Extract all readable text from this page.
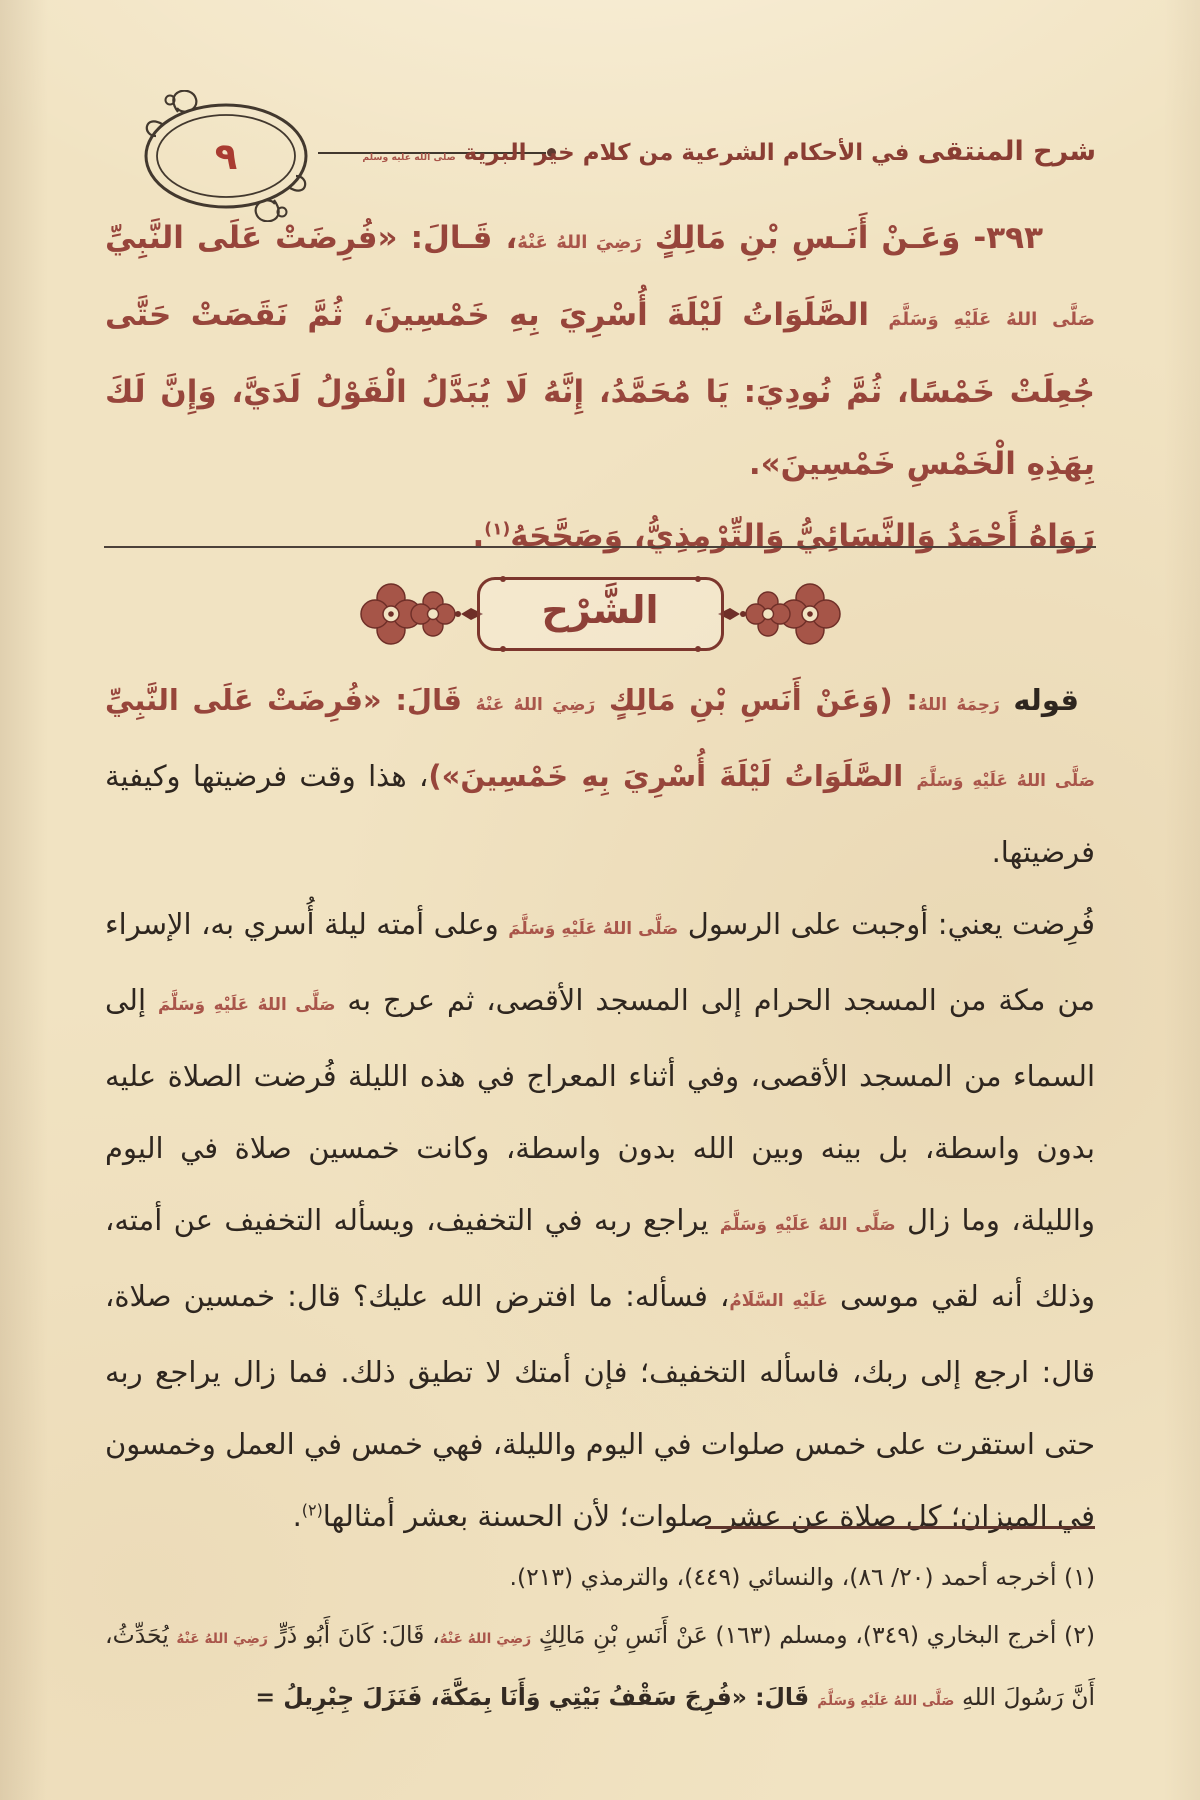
٩	شرح المنتقى في الأحكام الشرعية من كلام خير البرية صلى الله عليه وسلم

٣٩٣- وَعَـنْ أَنَـسِ بْنِ مَالِكٍ رَضِيَ اللهُ عَنْهُ، قَـالَ: «فُرِضَتْ عَلَى النَّبِيِّ صَلَّى اللهُ عَلَيْهِ وَسَلَّمَ الصَّلَوَاتُ لَيْلَةَ أُسْرِيَ بِهِ خَمْسِينَ، ثُمَّ نَقَصَتْ حَتَّى جُعِلَتْ خَمْسًا، ثُمَّ نُودِيَ: يَا مُحَمَّدُ، إِنَّهُ لَا يُبَدَّلُ الْقَوْلُ لَدَيَّ، وَإِنَّ لَكَ بِهَذِهِ الْخَمْسِ خَمْسِينَ».

رَوَاهُ أَحْمَدُ وَالنَّسَائِيُّ وَالتِّرْمِذِيُّ، وَصَحَّحَهُ$^{(١)}$.

الشَّرْح

قوله رَحِمَهُ اللهُ: (وَعَنْ أَنَسِ بْنِ مَالِكٍ رَضِيَ اللهُ عَنْهُ قَالَ: «فُرِضَتْ عَلَى النَّبِيِّ صَلَّى اللهُ عَلَيْهِ وَسَلَّمَ الصَّلَوَاتُ لَيْلَةَ أُسْرِيَ بِهِ خَمْسِينَ»)، هذا وقت فرضيتها وكيفية فرضيتها.

فُرِضت يعني: أوجبت على الرسول صَلَّى اللهُ عَلَيْهِ وَسَلَّمَ وعلى أمته ليلة أُسري به، الإسراء من مكة من المسجد الحرام إلى المسجد الأقصى، ثم عرج به صَلَّى اللهُ عَلَيْهِ وَسَلَّمَ إلى السماء من المسجد الأقصى، وفي أثناء المعراج في هذه الليلة فُرضت الصلاة عليه بدون واسطة، بل بينه وبين الله بدون واسطة، وكانت خمسين صلاة في اليوم والليلة، وما زال صَلَّى اللهُ عَلَيْهِ وَسَلَّمَ يراجع ربه في التخفيف، ويسأله التخفيف عن أمته، وذلك أنه لقي موسى عَلَيْهِ السَّلَامُ، فسأله: ما افترض الله عليك؟ قال: خمسين صلاة، قال: ارجع إلى ربك، فاسأله التخفيف؛ فإن أمتك لا تطيق ذلك. فما زال يراجع ربه حتى استقرت على خمس صلوات في اليوم والليلة، فهي خمس في العمل وخمسون في الميزان؛ كل صلاة عن عشر صلوات؛ لأن الحسنة بعشر أمثالها$^{(٢)}$.

(١) أخرجه أحمد (٢٠/ ٨٦)، والنسائي (٤٤٩)، والترمذي (٢١٣).

(٢) أخرج البخاري (٣٤٩)، ومسلم (١٦٣) عَنْ أَنَسِ بْنِ مَالِكٍ رَضِيَ اللهُ عَنْهُ، قَالَ: كَانَ أَبُو ذَرٍّ رَضِيَ اللهُ عَنْهُ يُحَدِّثُ، أَنَّ رَسُولَ اللهِ صَلَّى اللهُ عَلَيْهِ وَسَلَّمَ قَالَ: «فُرِجَ سَقْفُ بَيْتِي وَأَنَا بِمَكَّةَ، فَنَزَلَ جِبْرِيلُ =
